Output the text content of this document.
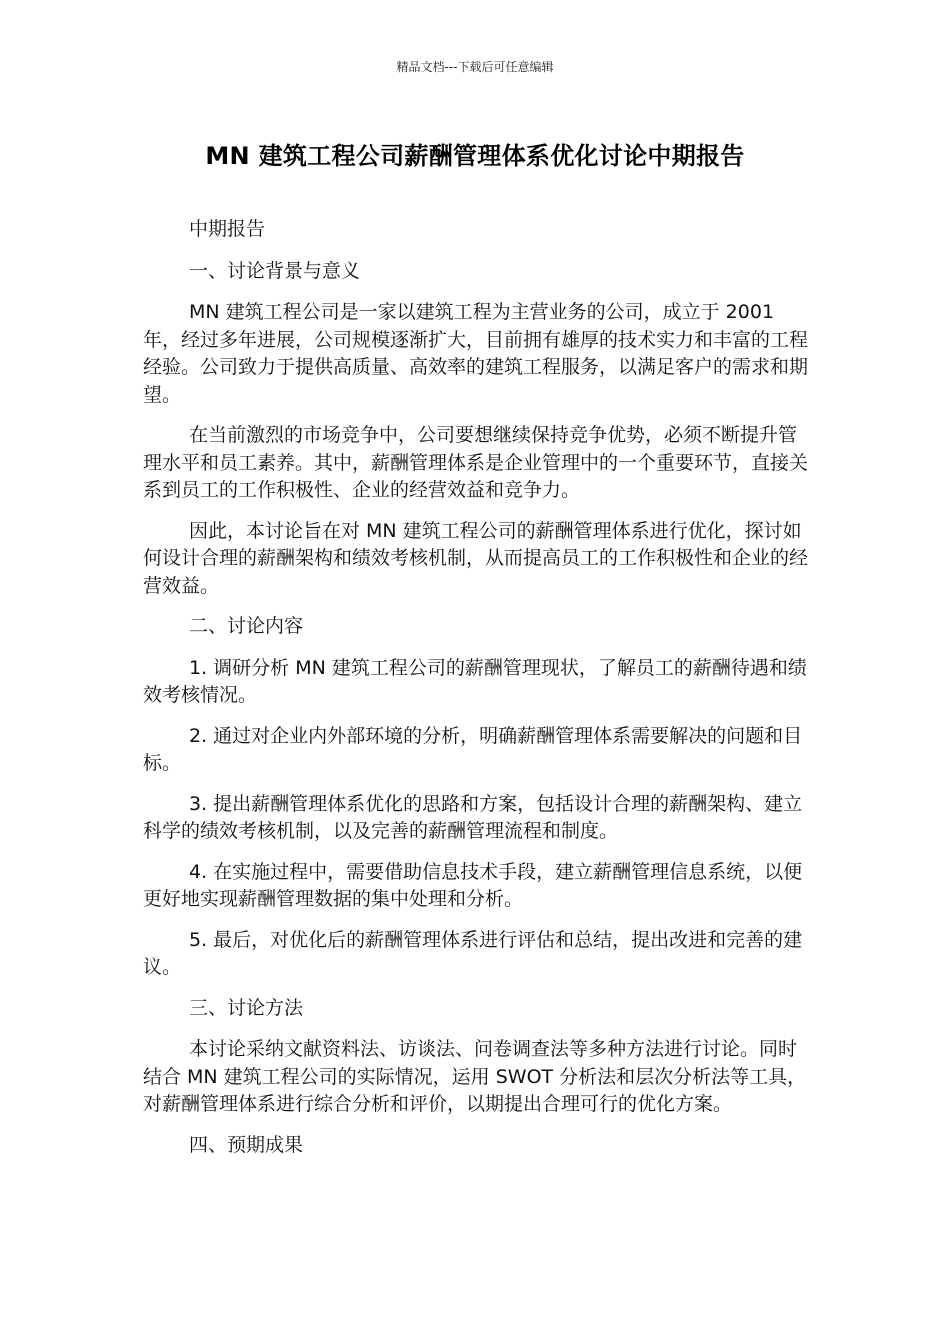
精品文档---下载后可任意编辑
MN 建筑工程公司薪酬管理体系优化讨论中期报告

中期报告

一、讨论背景与意义

MN 建筑工程公司是一家以建筑工程为主营业务的公司，成立于 2001 年，经过多年进展，公司规模逐渐扩大，目前拥有雄厚的技术实力和丰富的工程经验。公司致力于提供高质量、高效率的建筑工程服务，以满足客户的需求和期望。

在当前激烈的市场竞争中，公司要想继续保持竞争优势，必须不断提升管理水平和员工素养。其中，薪酬管理体系是企业管理中的一个重要环节，直接关系到员工的工作积极性、企业的经营效益和竞争力。

因此，本讨论旨在对 MN 建筑工程公司的薪酬管理体系进行优化，探讨如何设计合理的薪酬架构和绩效考核机制，从而提高员工的工作积极性和企业的经营效益。

二、讨论内容

1. 调研分析 MN 建筑工程公司的薪酬管理现状，了解员工的薪酬待遇和绩效考核情况。

2. 通过对企业内外部环境的分析，明确薪酬管理体系需要解决的问题和目标。

3. 提出薪酬管理体系优化的思路和方案，包括设计合理的薪酬架构、建立科学的绩效考核机制，以及完善的薪酬管理流程和制度。

4. 在实施过程中，需要借助信息技术手段，建立薪酬管理信息系统，以便更好地实现薪酬管理数据的集中处理和分析。

5. 最后，对优化后的薪酬管理体系进行评估和总结，提出改进和完善的建议。

三、讨论方法

本讨论采纳文献资料法、访谈法、问卷调查法等多种方法进行讨论。同时结合 MN 建筑工程公司的实际情况，运用 SWOT 分析法和层次分析法等工具，对薪酬管理体系进行综合分析和评价，以期提出合理可行的优化方案。

四、预期成果
